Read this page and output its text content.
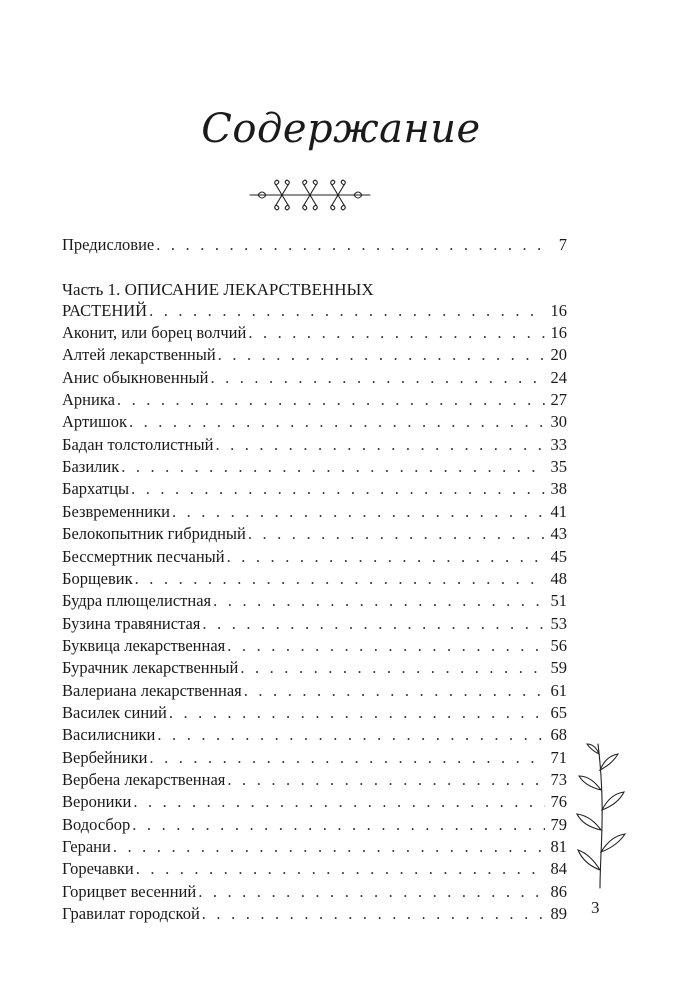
Содержание
Предисловие . . .	7
Часть 1. ОПИСАНИЕ ЛЕКАРСТВЕННЫХ
РАСТЕНИЙ . . .	16
Аконит, или борец волчий . . .	16
Алтей лекарственный . . .	20
Анис обыкновенный . . .	24
Арника . . .	27
Артишок . . .	30
Бадан толстолистный . . .	33
Базилик . . .	35
Бархатцы . . .	38
Безвременники . . .	41
Белокопытник гибридный . . .	43
Бессмертник песчаный . . .	45
Борщевик . . .	48
Будра плющелистная . . .	51
Бузина травянистая . . .	53
Буквица лекарственная . . .	56
Бурачник лекарственный . . .	59
Валериана лекарственная . . .	61
Василек синий . . .	65
Василисники . . .	68
Вербейники . . .	71
Вербена лекарственная . . .	73
Вероники . . .	76
Водосбор . . .	79
Герани . . .	81
Горечавки . . .	84
Горицвет весенний . . .	86
Гравилат городской . . .	89 3
